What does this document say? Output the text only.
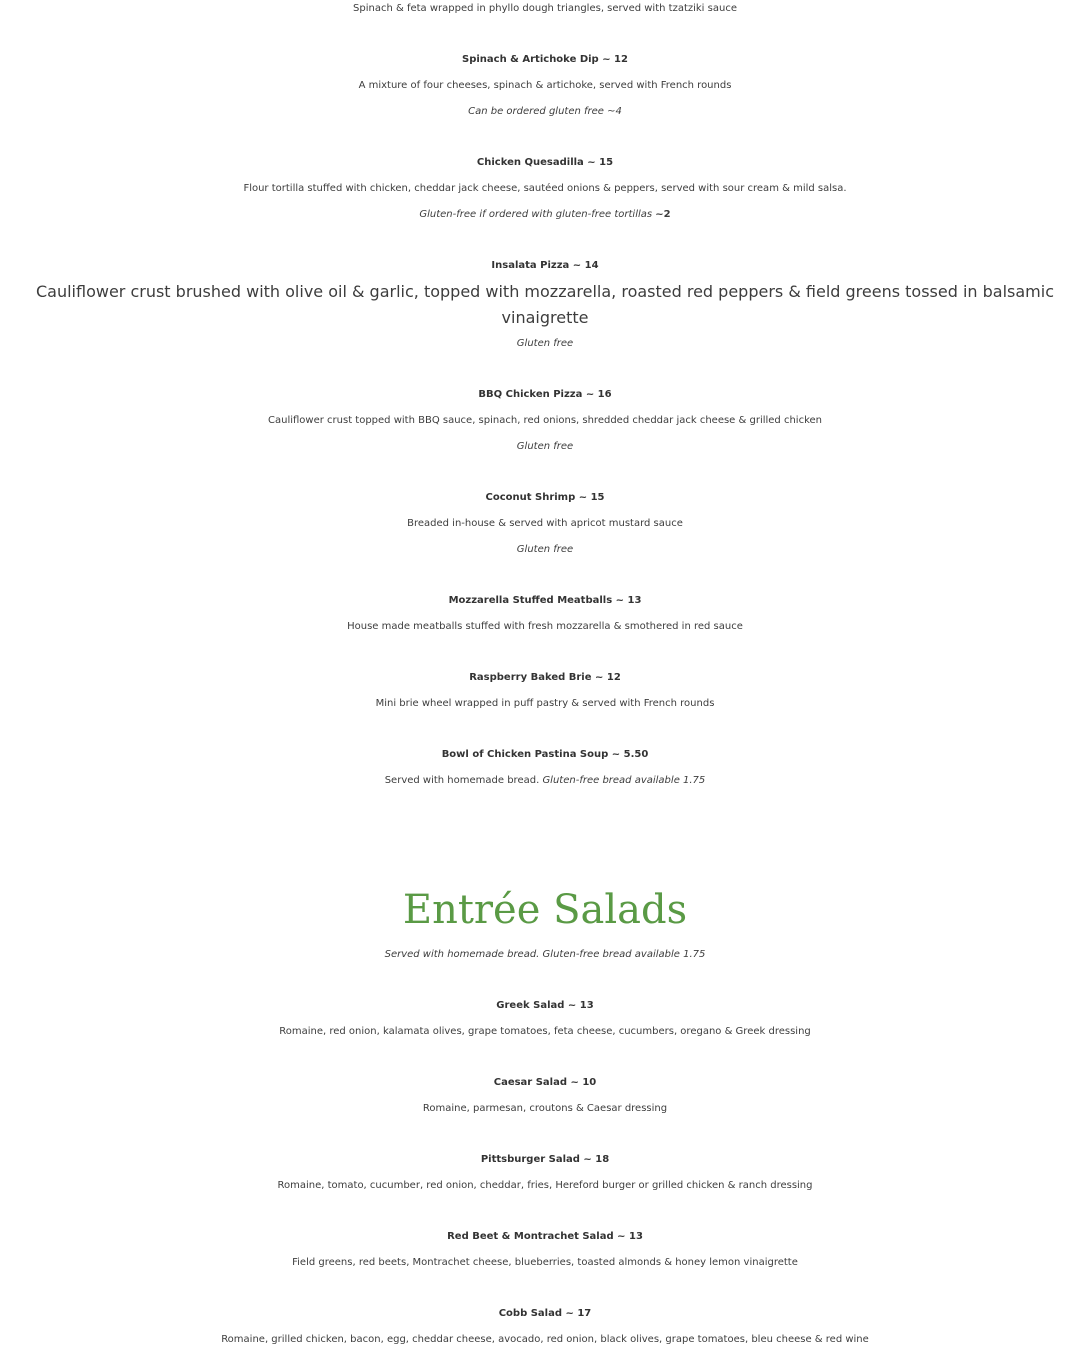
Spinach & feta wrapped in phyllo dough triangles, served with tzatziki sauce
Spinach & Artichoke Dip ~ 12
A mixture of four cheeses, spinach & artichoke, served with French rounds
Can be ordered gluten free ~4
Chicken Quesadilla ~ 15
Flour tortilla stuffed with chicken, cheddar jack cheese, sautéed onions & peppers, served with sour cream & mild salsa.
Gluten-free if ordered with gluten-free tortillas ~2
Insalata Pizza ~ 14
Cauliflower crust brushed with olive oil & garlic, topped with mozzarella, roasted red peppers & field greens tossed in balsamic vinaigrette
Gluten free
BBQ Chicken Pizza ~ 16
Cauliflower crust topped with BBQ sauce, spinach, red onions, shredded cheddar jack cheese & grilled chicken
Gluten free
Coconut Shrimp ~ 15
Breaded in-house & served with apricot mustard sauce
Gluten free
Mozzarella Stuffed Meatballs ~ 13
House made meatballs stuffed with fresh mozzarella & smothered in red sauce
Raspberry Baked Brie ~ 12
Mini brie wheel wrapped in puff pastry & served with French rounds
Bowl of Chicken Pastina Soup ~ 5.50
Served with homemade bread. Gluten-free bread available 1.75
Entrée Salads
Served with homemade bread. Gluten-free bread available 1.75
Greek Salad ~ 13
Romaine, red onion, kalamata olives, grape tomatoes, feta cheese, cucumbers, oregano & Greek dressing
Caesar Salad ~ 10
Romaine, parmesan, croutons & Caesar dressing
Pittsburger Salad ~ 18
Romaine, tomato, cucumber, red onion, cheddar, fries, Hereford burger or grilled chicken & ranch dressing
Red Beet & Montrachet Salad ~ 13
Field greens, red beets, Montrachet cheese, blueberries, toasted almonds & honey lemon vinaigrette
Cobb Salad ~ 17
Romaine, grilled chicken, bacon, egg, cheddar cheese, avocado, red onion, black olives, grape tomatoes, bleu cheese & red wine
